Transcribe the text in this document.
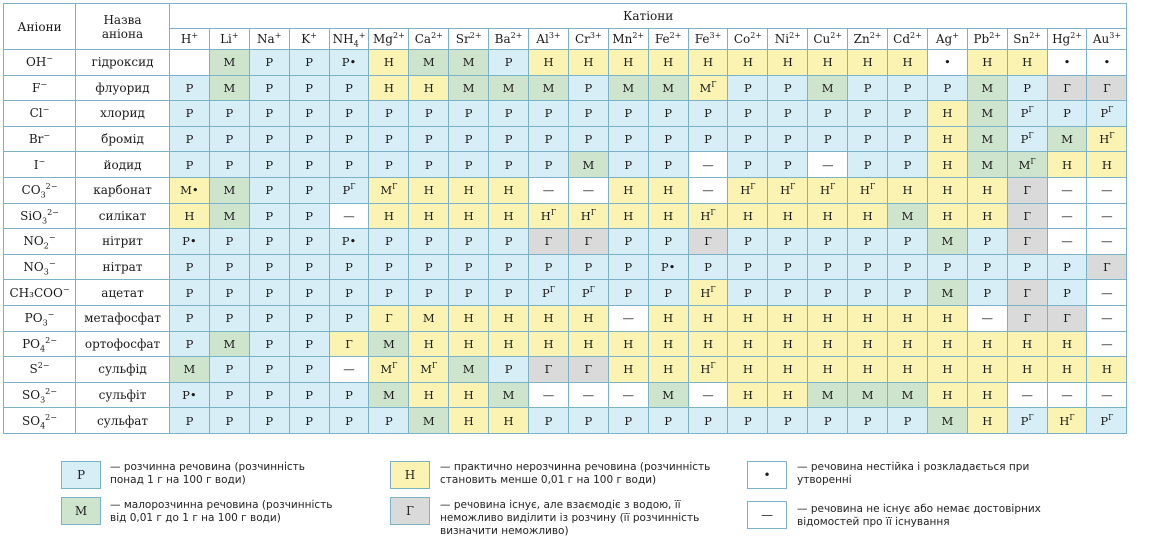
Аніони	Назва
аніона	Катіони																							
		H+	Li+	Na+	K+	$NH_4^+$	$Mg^{2+}$	$Ca^{2+}$	$Sr^{2+}$	$Ba^{2+}$	$Al^{3+}$	$Cr^{3+}$	$Mn^{2+}$	$Fe^{2+}$	$Fe^{3+}$	$Co^{2+}$	$Ni^{2+}$	$Cu^{2+}$	$Zn^{2+}$	$Cd^{2+}$	Ag+	$Pb^{2+}$	$Sn^{2+}$	$Hg^{2+}$	$Au^{3+}$
OH−	гідроксид		М	Р	Р	Р•	Н	М	М	Р	Н	Н	Н	Н	Н	Н	Н	Н	Н	Н	•	Н	Н	•	•
F−	флуорид	Р	М	Р	Р	Р	Н	Н	М	М	М	Р	М	М	$М^Г$	Р	Р	М	Р	Р	Р	М	Р	Г	Г
Cl−	хлорид	Р	Р	Р	Р	Р	Р	Р	Р	Р	Р	Р	Р	Р	Р	Р	Р	Р	Р	Р	Н	М	$Р^Г$	Р	$Р^Г$
Br−	бромід	Р	Р	Р	Р	Р	Р	Р	Р	Р	Р	Р	Р	Р	Р	Р	Р	Р	Р	Р	Н	М	$Р^Г$	М	$Н^Г$
I−	йодид	Р	Р	Р	Р	Р	Р	Р	Р	Р	Р	М	Р	Р	—	Р	Р	—	Р	Р	Н	М	$М^Г$	Н	Н
$CO_3^{2-}$	карбонат	М•	М	Р	Р	$Р^Г$	$М^Г$	Н	Н	Н	—	—	Н	Н	—	$Н^Г$	$Н^Г$	$Н^Г$	$Н^Г$	Н	Н	Н	Г	—	—
SiO$_3^{2-}$	силікат	Н	М	Р	Р	—	Н	Н	Н	Н	$Н^Г$	$Н^Г$	Н	Н	$Н^Г$	Н	Н	Н	Н	М	Н	Н	Г	—	—
$NO_2^-$	нітрит	Р•	Р	Р	Р	Р•	Р	Р	Р	Р	Г	Г	Р	Р	Г	Р	Р	Р	Р	Р	М	Р	Г	—	—
$NO_3^-$	нітрат	Р	Р	Р	Р	Р	Р	Р	Р	Р	Р	Р	Р	Р•	Р	Р	Р	Р	Р	Р	Р	Р	Р	Р	Г
CH₃COO−	ацетат	Р	Р	Р	Р	Р	Р	Р	Р	Р	$Р^Г$	$Р^Г$	Р	Р	$Н^Г$	Р	Р	Р	Р	Р	М	Р	Г	Р	—
$PO_3^-$	метафосфат	Р	Р	Р	Р	Р	Г	М	Н	Н	Н	Н	—	Н	Н	Н	Н	Н	Н	Н	Н	—	Г	Г	—
$PO_4^{2-}$	ортофосфат	Р	М	Р	Р	Г	М	Н	Н	Н	Н	Н	Н	Н	Н	Н	Н	Н	Н	Н	Н	Н	Н	Н	—
$S^{2-}$	сульфід	М	Р	Р	Р	—	$М^Г$	$М^Г$	М	Р	Г	Г	Н	Н	$Н^Г$	Н	Н	Н	Н	Н	Н	Н	Н	Н	Н
$SO_3^{2-}$	сульфіт	Р•	Р	Р	Р	Р	М	Н	Н	М	—	—	—	М	—	Н	Н	М	М	М	Н	Н	—	—	—
$SO_4^{2-}$	сульфат	Р	Р	Р	Р	Р	Р	М	Н	Н	Р	Р	Р	Р	Р	Р	Р	Р	Р	Р	М	Н	$Р^Г$	$Н^Г$	$Р^Г$
Р
— розчинна речовина (розчинність понад 1 г на 100 г води)
М — малорозчинна речовина (розчинність від 0,01 г до 1 г на 100 г води)
Н
— практично нерозчинна речовина (розчинність становить менше 0,01 г на 100 г води)
Г — речовина існує, але взаємодіє з водою, її неможливо виділити із розчину (її розчинність визначити неможливо)
•
— речовина нестійка і розкладається при утворенні
— — речовина не існує або немає достовірних відомостей про її існування
